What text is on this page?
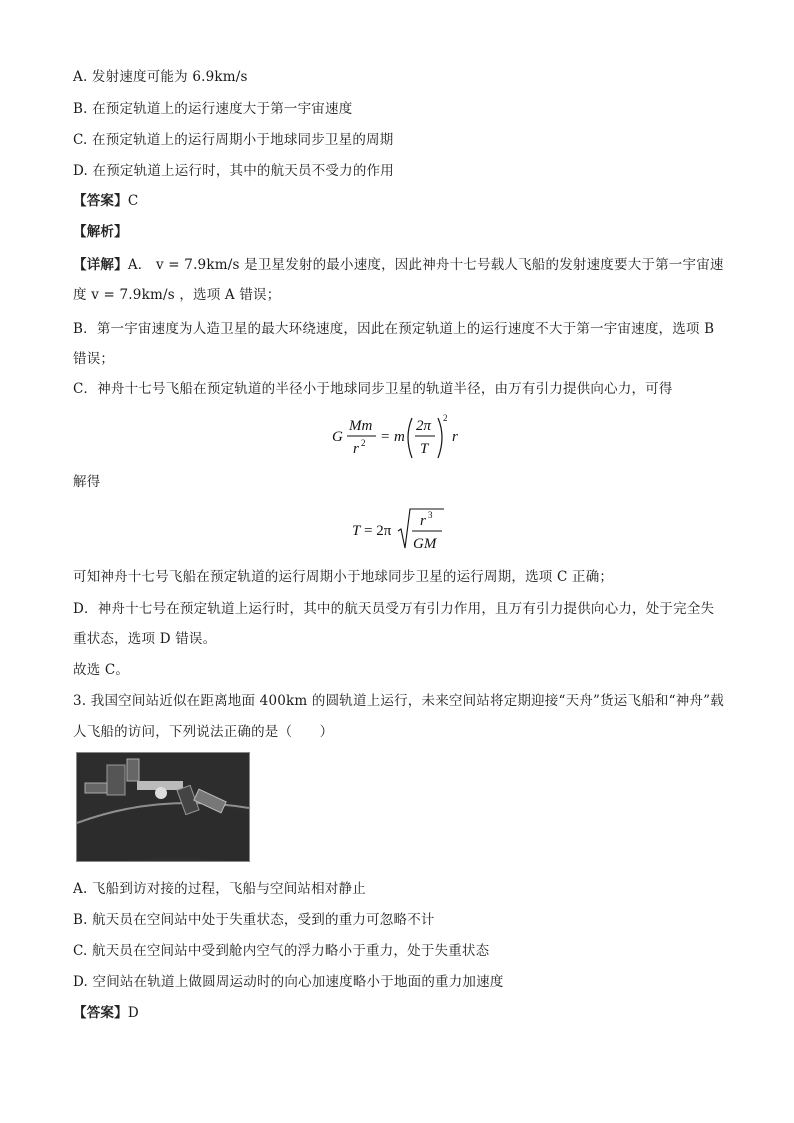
A. 发射速度可能为 6.9km/s
B. 在预定轨道上的运行速度大于第一宇宙速度
C. 在预定轨道上的运行周期小于地球同步卫星的周期
D. 在预定轨道上运行时，其中的航天员不受力的作用
【答案】C
【解析】
【详解】A． v = 7.9km/s 是卫星发射的最小速度，因此神舟十七号载人飞船的发射速度要大于第一宇宙速
度 v = 7.9km/s ，选项 A 错误；
B．第一宇宙速度为人造卫星的最大环绕速度，因此在预定轨道上的运行速度不大于第一宇宙速度，选项 B
错误；
C．神舟十七号飞船在预定轨道的半径小于地球同步卫星的轨道半径，由万有引力提供向心力，可得
G
Mm
r 2 = m
2π
T
2
r
解得
T = 2π
r 3
GM
可知神舟十七号飞船在预定轨道的运行周期小于地球同步卫星的运行周期，选项 C 正确；
D．神舟十七号在预定轨道上运行时，其中的航天员受万有引力作用，且万有引力提供向心力，处于完全失
重状态，选项 D 错误。
故选 C。
3. 我国空间站近似在距离地面 400km 的圆轨道上运行，未来空间站将定期迎接“天舟”货运飞船和“神舟”载
人飞船的访问，下列说法正确的是（　　）
A. 飞船到访对接的过程，飞船与空间站相对静止
B. 航天员在空间站中处于失重状态，受到的重力可忽略不计
C. 航天员在空间站中受到舱内空气的浮力略小于重力，处于失重状态
D. 空间站在轨道上做圆周运动时的向心加速度略小于地面的重力加速度
【答案】D
